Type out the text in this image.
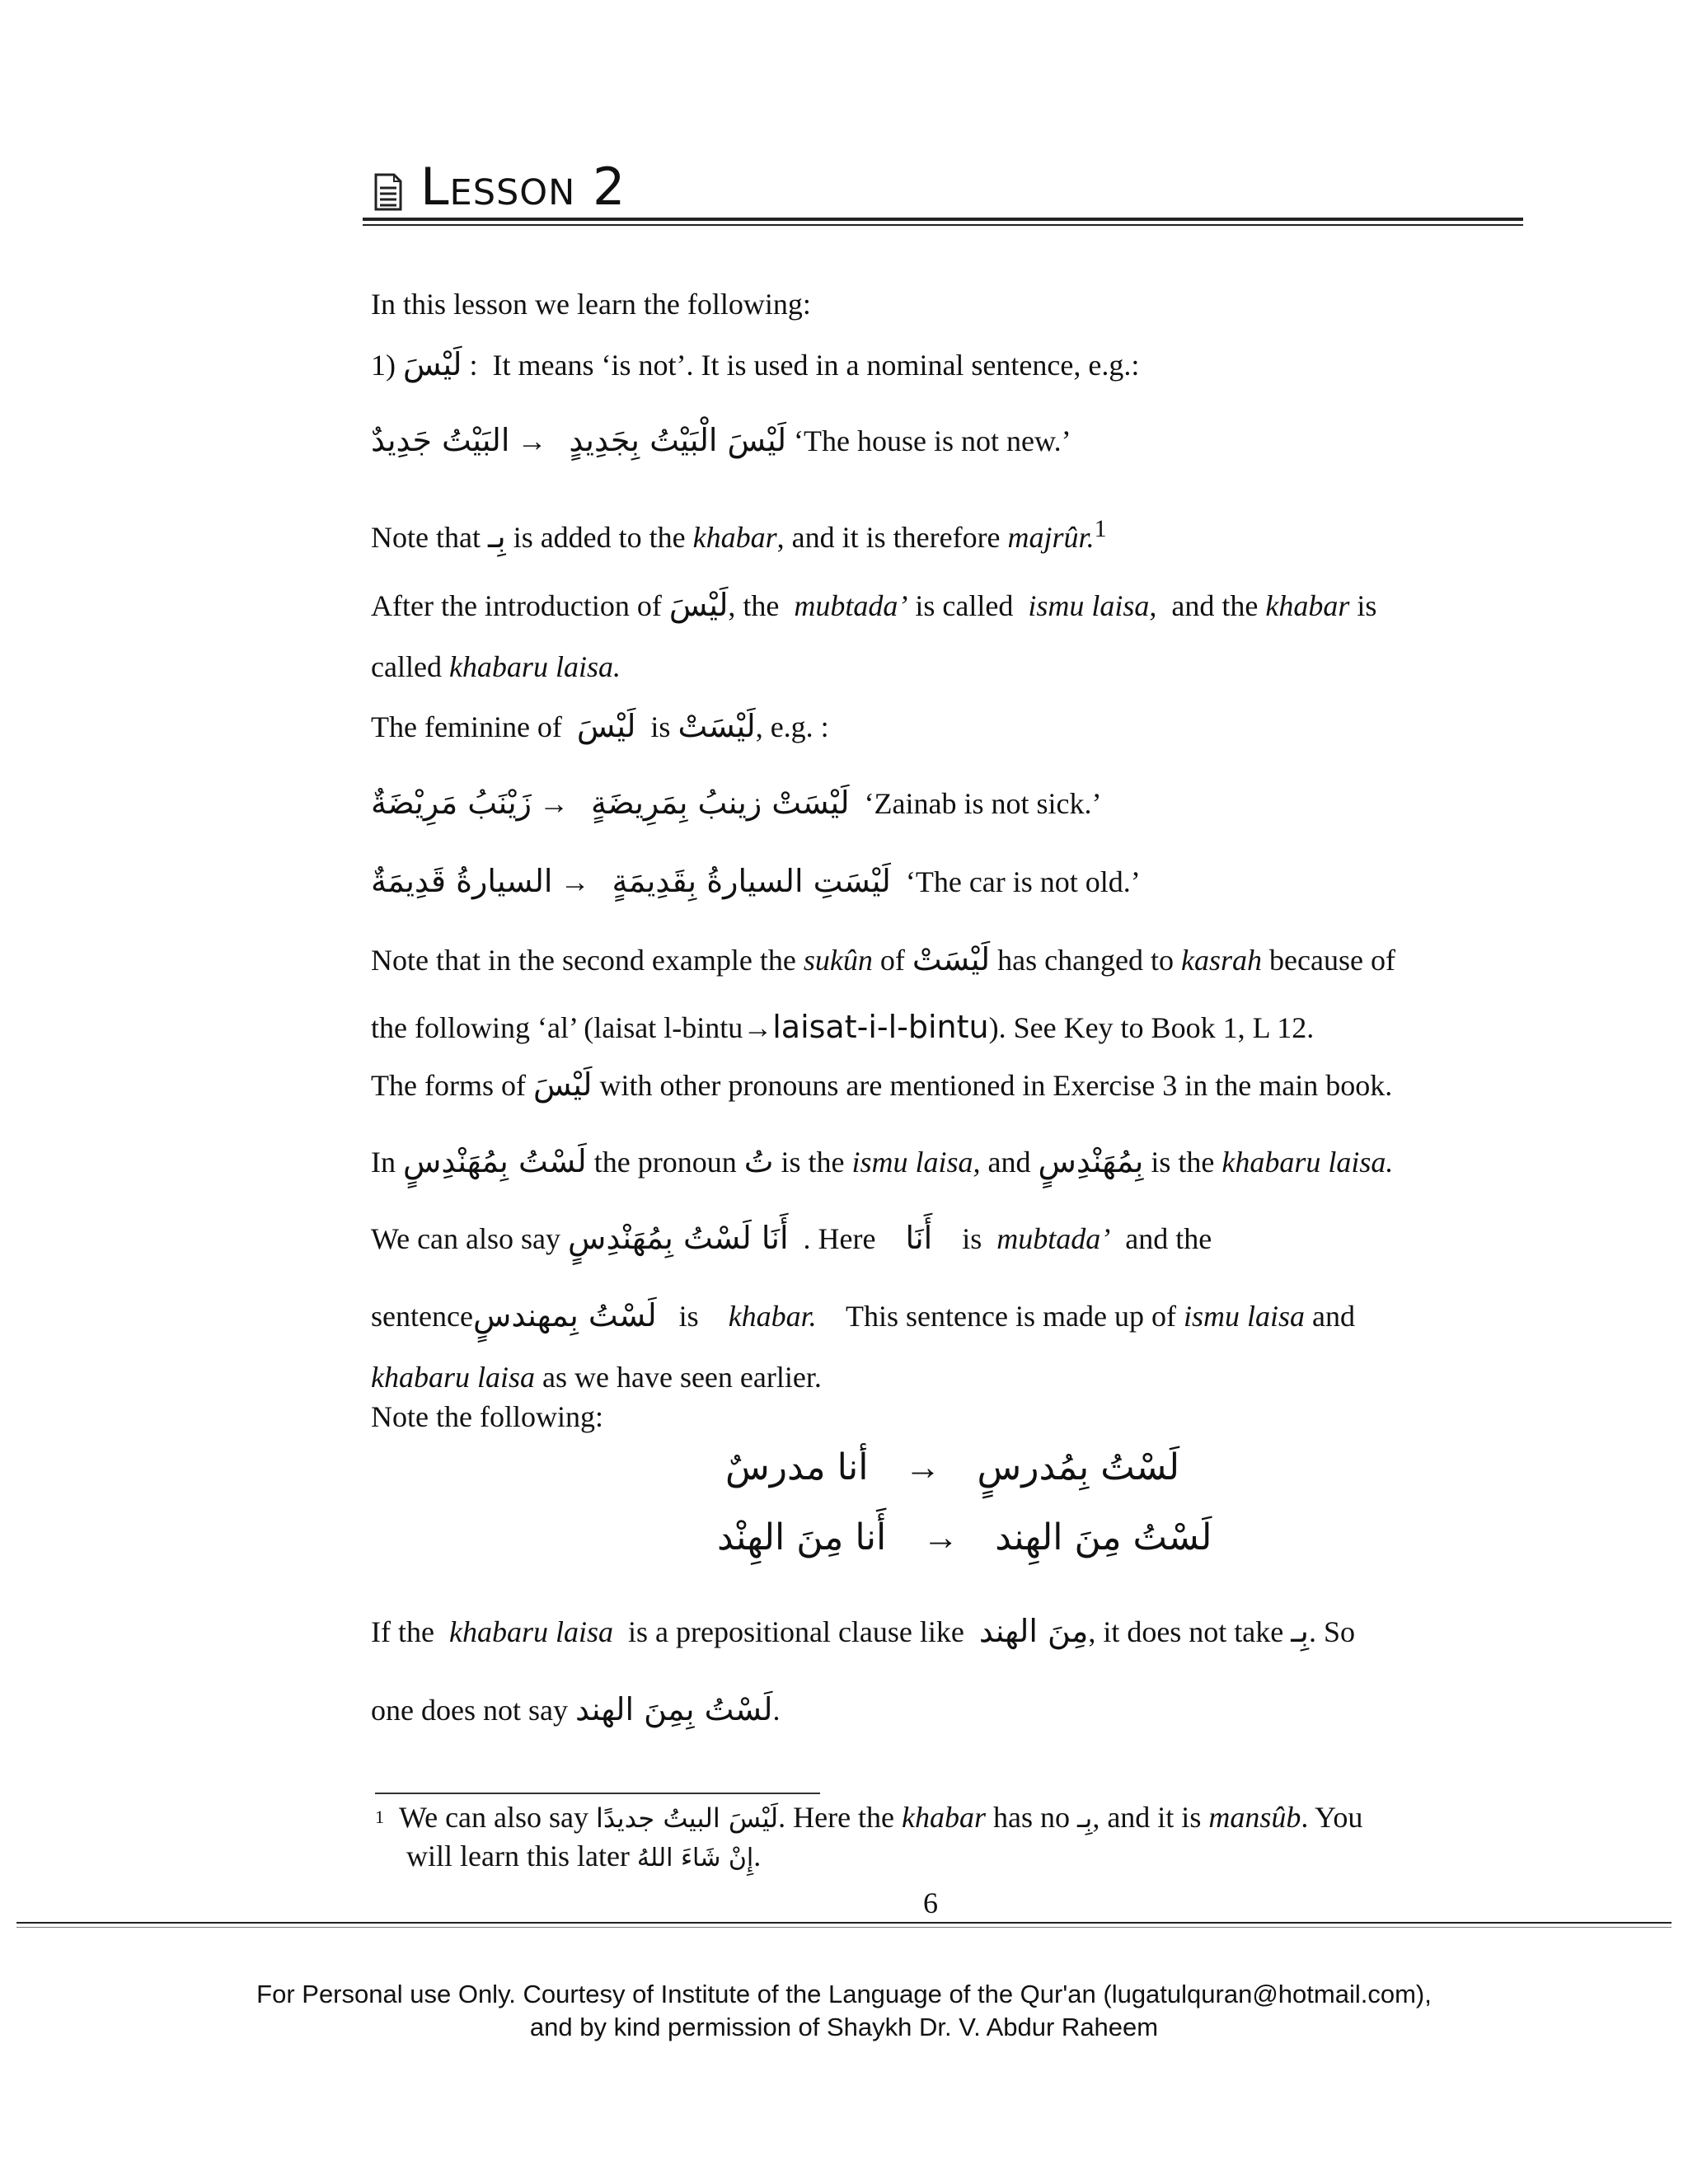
Lesson 2
In this lesson we learn the following:
1) لَيْسَ : It means ‘is not’. It is used in a nominal sentence, e.g.:
البَيْتُ جَدِيدٌ → لَيْسَ الْبَيْتُ بِجَدِيدٍ ‘The house is not new.’
Note that بِـ is added to the khabar, and it is therefore majrûr.$^1$
After the introduction of لَيْسَ, the mubtada’ is called ismu laisa, and the khabar is
called khabaru laisa.
The feminine of لَيْسَ is لَيْسَتْ, e.g. :
زَيْنَبُ مَرِيْضَةٌ → لَيْسَتْ زينبُ بِمَرِيضَةٍ ‘Zainab is not sick.’
السيارةُ قَدِيمَةٌ → لَيْسَتِ السيارةُ بِقَدِيمَةٍ ‘The car is not old.’
Note that in the second example the sukûn of لَيْسَتْ has changed to kasrah because of
the following ‘al’ (laisat l-bintu→laisat-i-l-bintu). See Key to Book 1, L 12.
The forms of لَيْسَ with other pronouns are mentioned in Exercise 3 in the main book.
In لَسْتُ بِمُهَنْدِسٍ the pronoun تُ is the ismu laisa, and بِمُهَنْدِسٍ is the khabaru laisa.
We can also say أَنَا لَسْتُ بِمُهَنْدِسٍ . Here أَنَا is mubtada’ and the
sentenceلَسْتُ بِمهندسٍ is khabar. This sentence is made up of ismu laisa and
khabaru laisa as we have seen earlier.
Note the following:
أنا مدرسٌ → لَسْتُ بِمُدرسٍ
أَنا مِنَ الهِنْد → لَسْتُ مِنَ الهِند
If the khabaru laisa is a prepositional clause like مِنَ الهند, it does not take بِـ. So
one does not say لَسْتُ بِمِنَ الهند.
$^1$ We can also say لَيْسَ البيتُ جديدًا. Here the khabar has no بِـ, and it is mansûb. You
will learn this later إِنْ شَاءَ اللهُ.
6
For Personal use Only. Courtesy of Institute of the Language of the Qur'an (lugatulquran@hotmail.com),
and by kind permission of Shaykh Dr. V. Abdur Raheem
